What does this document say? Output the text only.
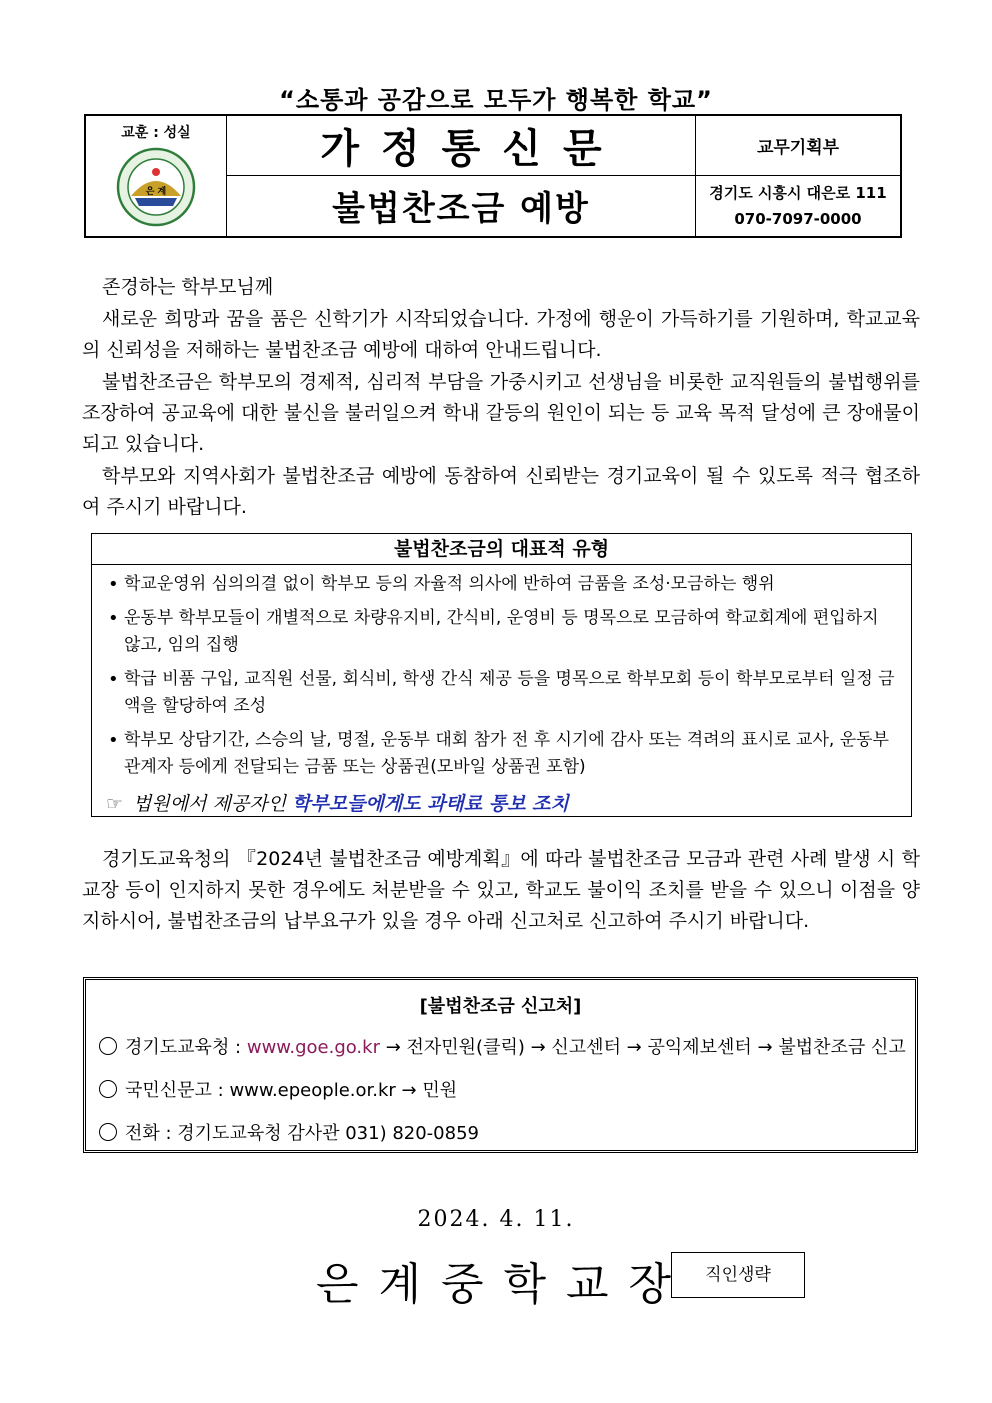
“소통과 공감으로 모두가 행복한 학교”
교훈 : 성실
은 계	가정통신문	교무기획부
	불법찬조금 예방	경기도 시흥시 대은로 111
070-7097-0000

존경하는 학부모님께

새로운 희망과 꿈을 품은 신학기가 시작되었습니다. 가정에 행운이 가득하기를 기원하며, 학교교육의 신뢰성을 저해하는 불법찬조금 예방에 대하여 안내드립니다.

불법찬조금은 학부모의 경제적, 심리적 부담을 가중시키고 선생님을 비롯한 교직원들의 불법행위를 조장하여 공교육에 대한 불신을 불러일으켜 학내 갈등의 원인이 되는 등 교육 목적 달성에 큰 장애물이 되고 있습니다.

학부모와 지역사회가 불법찬조금 예방에 동참하여 신뢰받는 경기교육이 될 수 있도록 적극 협조하여 주시기 바랍니다.

불법찬조금의 대표적 유형
• 학교운영위 심의의결 없이 학부모 등의 자율적 의사에 반하여 금품을 조성·모금하는 행위
• 운동부 학부모들이 개별적으로 차량유지비, 간식비, 운영비 등 명목으로 모금하여 학교회계에 편입하지 않고, 임의 집행
• 학급 비품 구입, 교직원 선물, 회식비, 학생 간식 제공 등을 명목으로 학부모회 등이 학부모로부터 일정 금액을 할당하여 조성
• 학부모 상담기간, 스승의 날, 명절, 운동부 대회 참가 전 후 시기에 감사 또는 격려의 표시로 교사, 운동부 관계자 등에게 전달되는 금품 또는 상품권(모바일 상품권 포함)
☞ 법원에서 제공자인 학부모들에게도 과태료 통보 조치

경기도교육청의 『2024년 불법찬조금 예방계획』에 따라 불법찬조금 모금과 관련 사례 발생 시 학교장 등이 인지하지 못한 경우에도 처분받을 수 있고, 학교도 불이익 조치를 받을 수 있으니 이점을 양지하시어, 불법찬조금의 납부요구가 있을 경우 아래 신고처로 신고하여 주시기 바랍니다.

[불법찬조금 신고처]
경기도교육청 : www.goe.go.kr → 전자민원(클릭) → 신고센터 → 공익제보센터 → 불법찬조금 신고
국민신문고 : www.epeople.or.kr → 민원
전화 : 경기도교육청 감사관 031) 820-0859
2024. 4. 11.
은계중학교장 직인생략
